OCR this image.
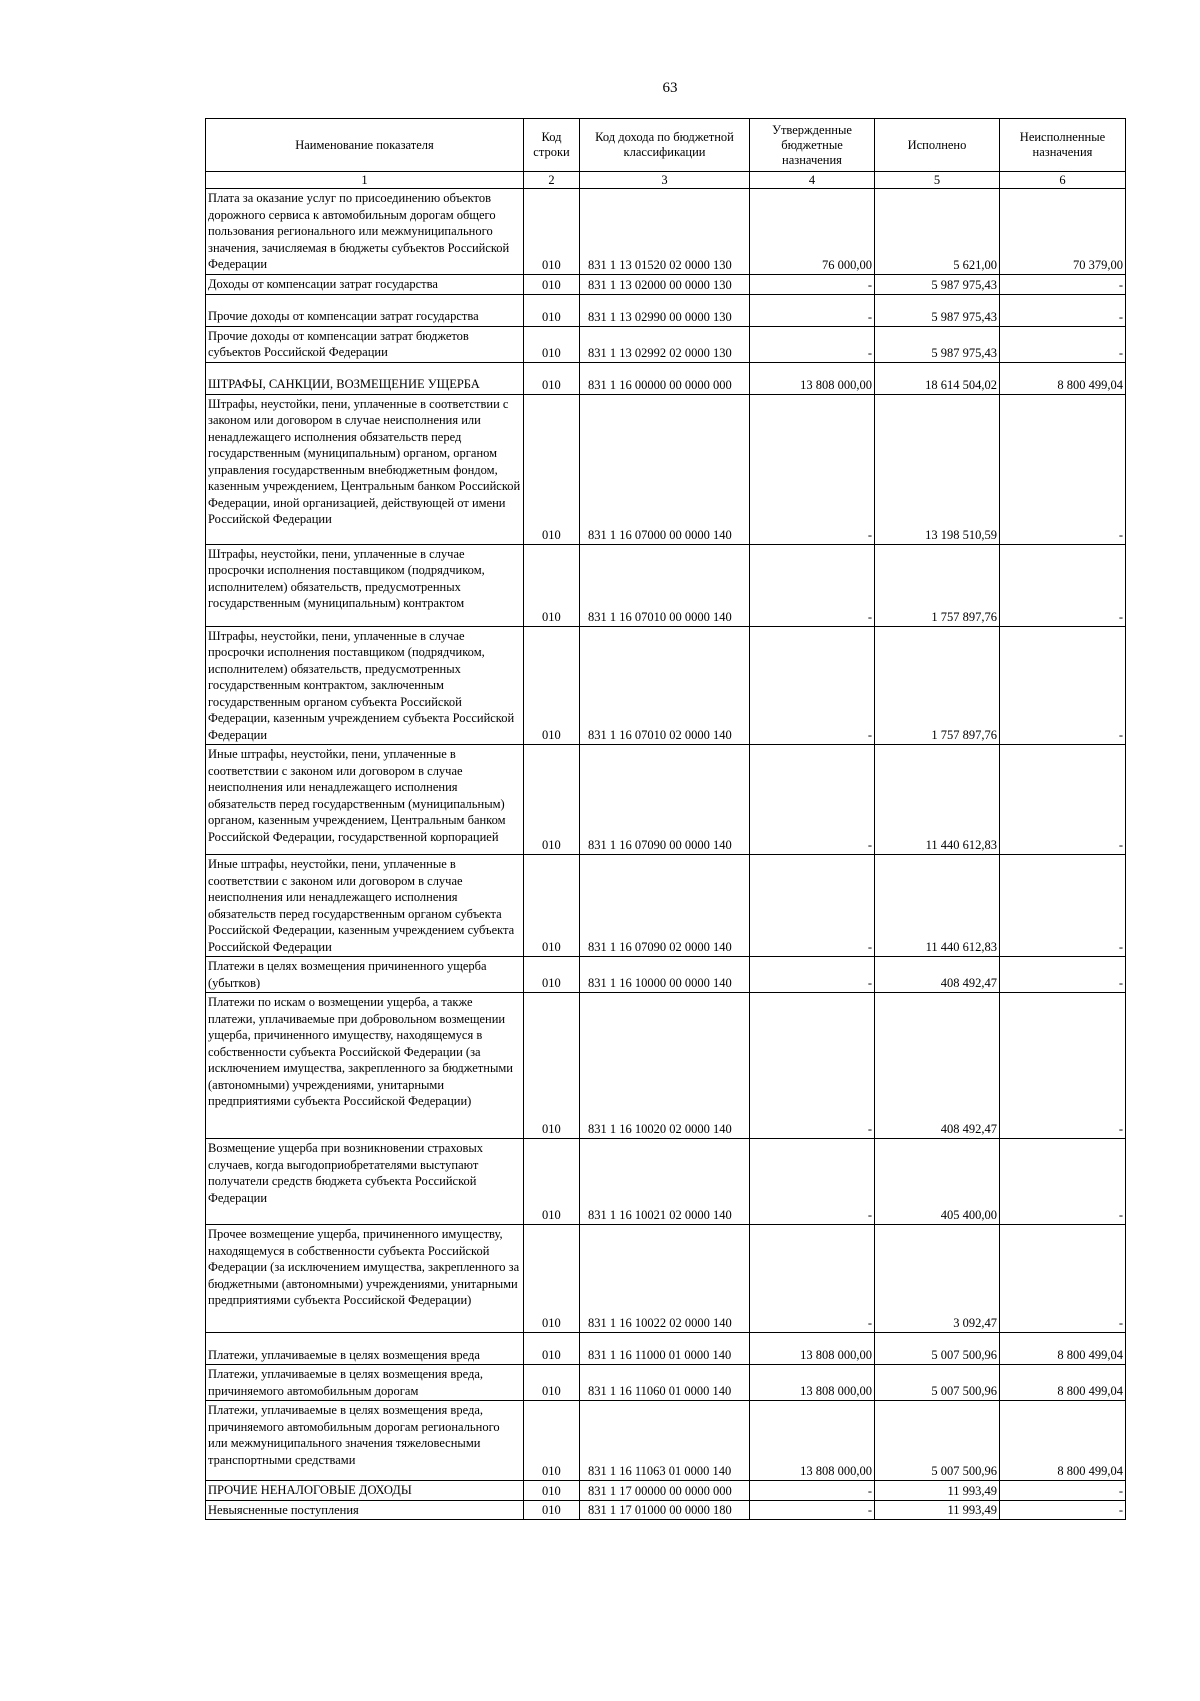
63
Наименование показателя	Код строки	Код дохода по бюджетной классификации	Утвержденные бюджетные назначения	Исполнено	Неисполненные назначения
1	2	3	4	5	6
Плата за оказание услуг по присоединению объектов дорожного сервиса к автомобильным дорогам общего пользования регионального или межмуниципального значения, зачисляемая в бюджеты субъектов Российской Федерации	010	831 1 13 01520 02 0000 130	76 000,00	5 621,00	70 379,00
Доходы от компенсации затрат государства	010	831 1 13 02000 00 0000 130	-	5 987 975,43	-
Прочие доходы от компенсации затрат государства	010	831 1 13 02990 00 0000 130	-	5 987 975,43	-
Прочие доходы от компенсации затрат бюджетов субъектов Российской Федерации	010	831 1 13 02992 02 0000 130	-	5 987 975,43	-
ШТРАФЫ, САНКЦИИ, ВОЗМЕЩЕНИЕ УЩЕРБА	010	831 1 16 00000 00 0000 000	13 808 000,00	18 614 504,02	8 800 499,04
Штрафы, неустойки, пени, уплаченные в соответствии с законом или договором в случае неисполнения или ненадлежащего исполнения обязательств перед государственным (муниципальным) органом, органом управления государственным внебюджетным фондом, казенным учреждением, Центральным банком Российской Федерации, иной организацией, действующей от имени Российской Федерации	010	831 1 16 07000 00 0000 140	-	13 198 510,59	-
Штрафы, неустойки, пени, уплаченные в случае просрочки исполнения поставщиком (подрядчиком, исполнителем) обязательств, предусмотренных государственным (муниципальным) контрактом	010	831 1 16 07010 00 0000 140	-	1 757 897,76	-
Штрафы, неустойки, пени, уплаченные в случае просрочки исполнения поставщиком (подрядчиком, исполнителем) обязательств, предусмотренных государственным контрактом, заключенным государственным органом субъекта Российской Федерации, казенным учреждением субъекта Российской Федерации	010	831 1 16 07010 02 0000 140	-	1 757 897,76	-
Иные штрафы, неустойки, пени, уплаченные в соответствии с законом или договором в случае неисполнения или ненадлежащего исполнения обязательств перед государственным (муниципальным) органом, казенным учреждением, Центральным банком Российской Федерации, государственной корпорацией	010	831 1 16 07090 00 0000 140	-	11 440 612,83	-
Иные штрафы, неустойки, пени, уплаченные в соответствии с законом или договором в случае неисполнения или ненадлежащего исполнения обязательств перед государственным органом субъекта Российской Федерации, казенным учреждением субъекта Российской Федерации	010	831 1 16 07090 02 0000 140	-	11 440 612,83	-
Платежи в целях возмещения причиненного ущерба (убытков)	010	831 1 16 10000 00 0000 140	-	408 492,47	-
Платежи по искам о возмещении ущерба, а также платежи, уплачиваемые при добровольном возмещении ущерба, причиненного имуществу, находящемуся в собственности субъекта Российской Федерации (за исключением имущества, закрепленного за бюджетными (автономными) учреждениями, унитарными предприятиями субъекта Российской Федерации)	010	831 1 16 10020 02 0000 140	-	408 492,47	-
Возмещение ущерба при возникновении страховых случаев, когда выгодоприобретателями выступают получатели средств бюджета субъекта Российской Федерации	010	831 1 16 10021 02 0000 140	-	405 400,00	-
Прочее возмещение ущерба, причиненного имуществу, находящемуся в собственности субъекта Российской Федерации (за исключением имущества, закрепленного за бюджетными (автономными) учреждениями, унитарными предприятиями субъекта Российской Федерации)	010	831 1 16 10022 02 0000 140	-	3 092,47	-
Платежи, уплачиваемые в целях возмещения вреда	010	831 1 16 11000 01 0000 140	13 808 000,00	5 007 500,96	8 800 499,04
Платежи, уплачиваемые в целях возмещения вреда, причиняемого автомобильным дорогам	010	831 1 16 11060 01 0000 140	13 808 000,00	5 007 500,96	8 800 499,04
Платежи, уплачиваемые в целях возмещения вреда, причиняемого автомобильным дорогам регионального или межмуниципального значения тяжеловесными транспортными средствами	010	831 1 16 11063 01 0000 140	13 808 000,00	5 007 500,96	8 800 499,04
ПРОЧИЕ НЕНАЛОГОВЫЕ ДОХОДЫ	010	831 1 17 00000 00 0000 000	-	11 993,49	-
Невыясненные поступления	010	831 1 17 01000 00 0000 180	-	11 993,49	-
